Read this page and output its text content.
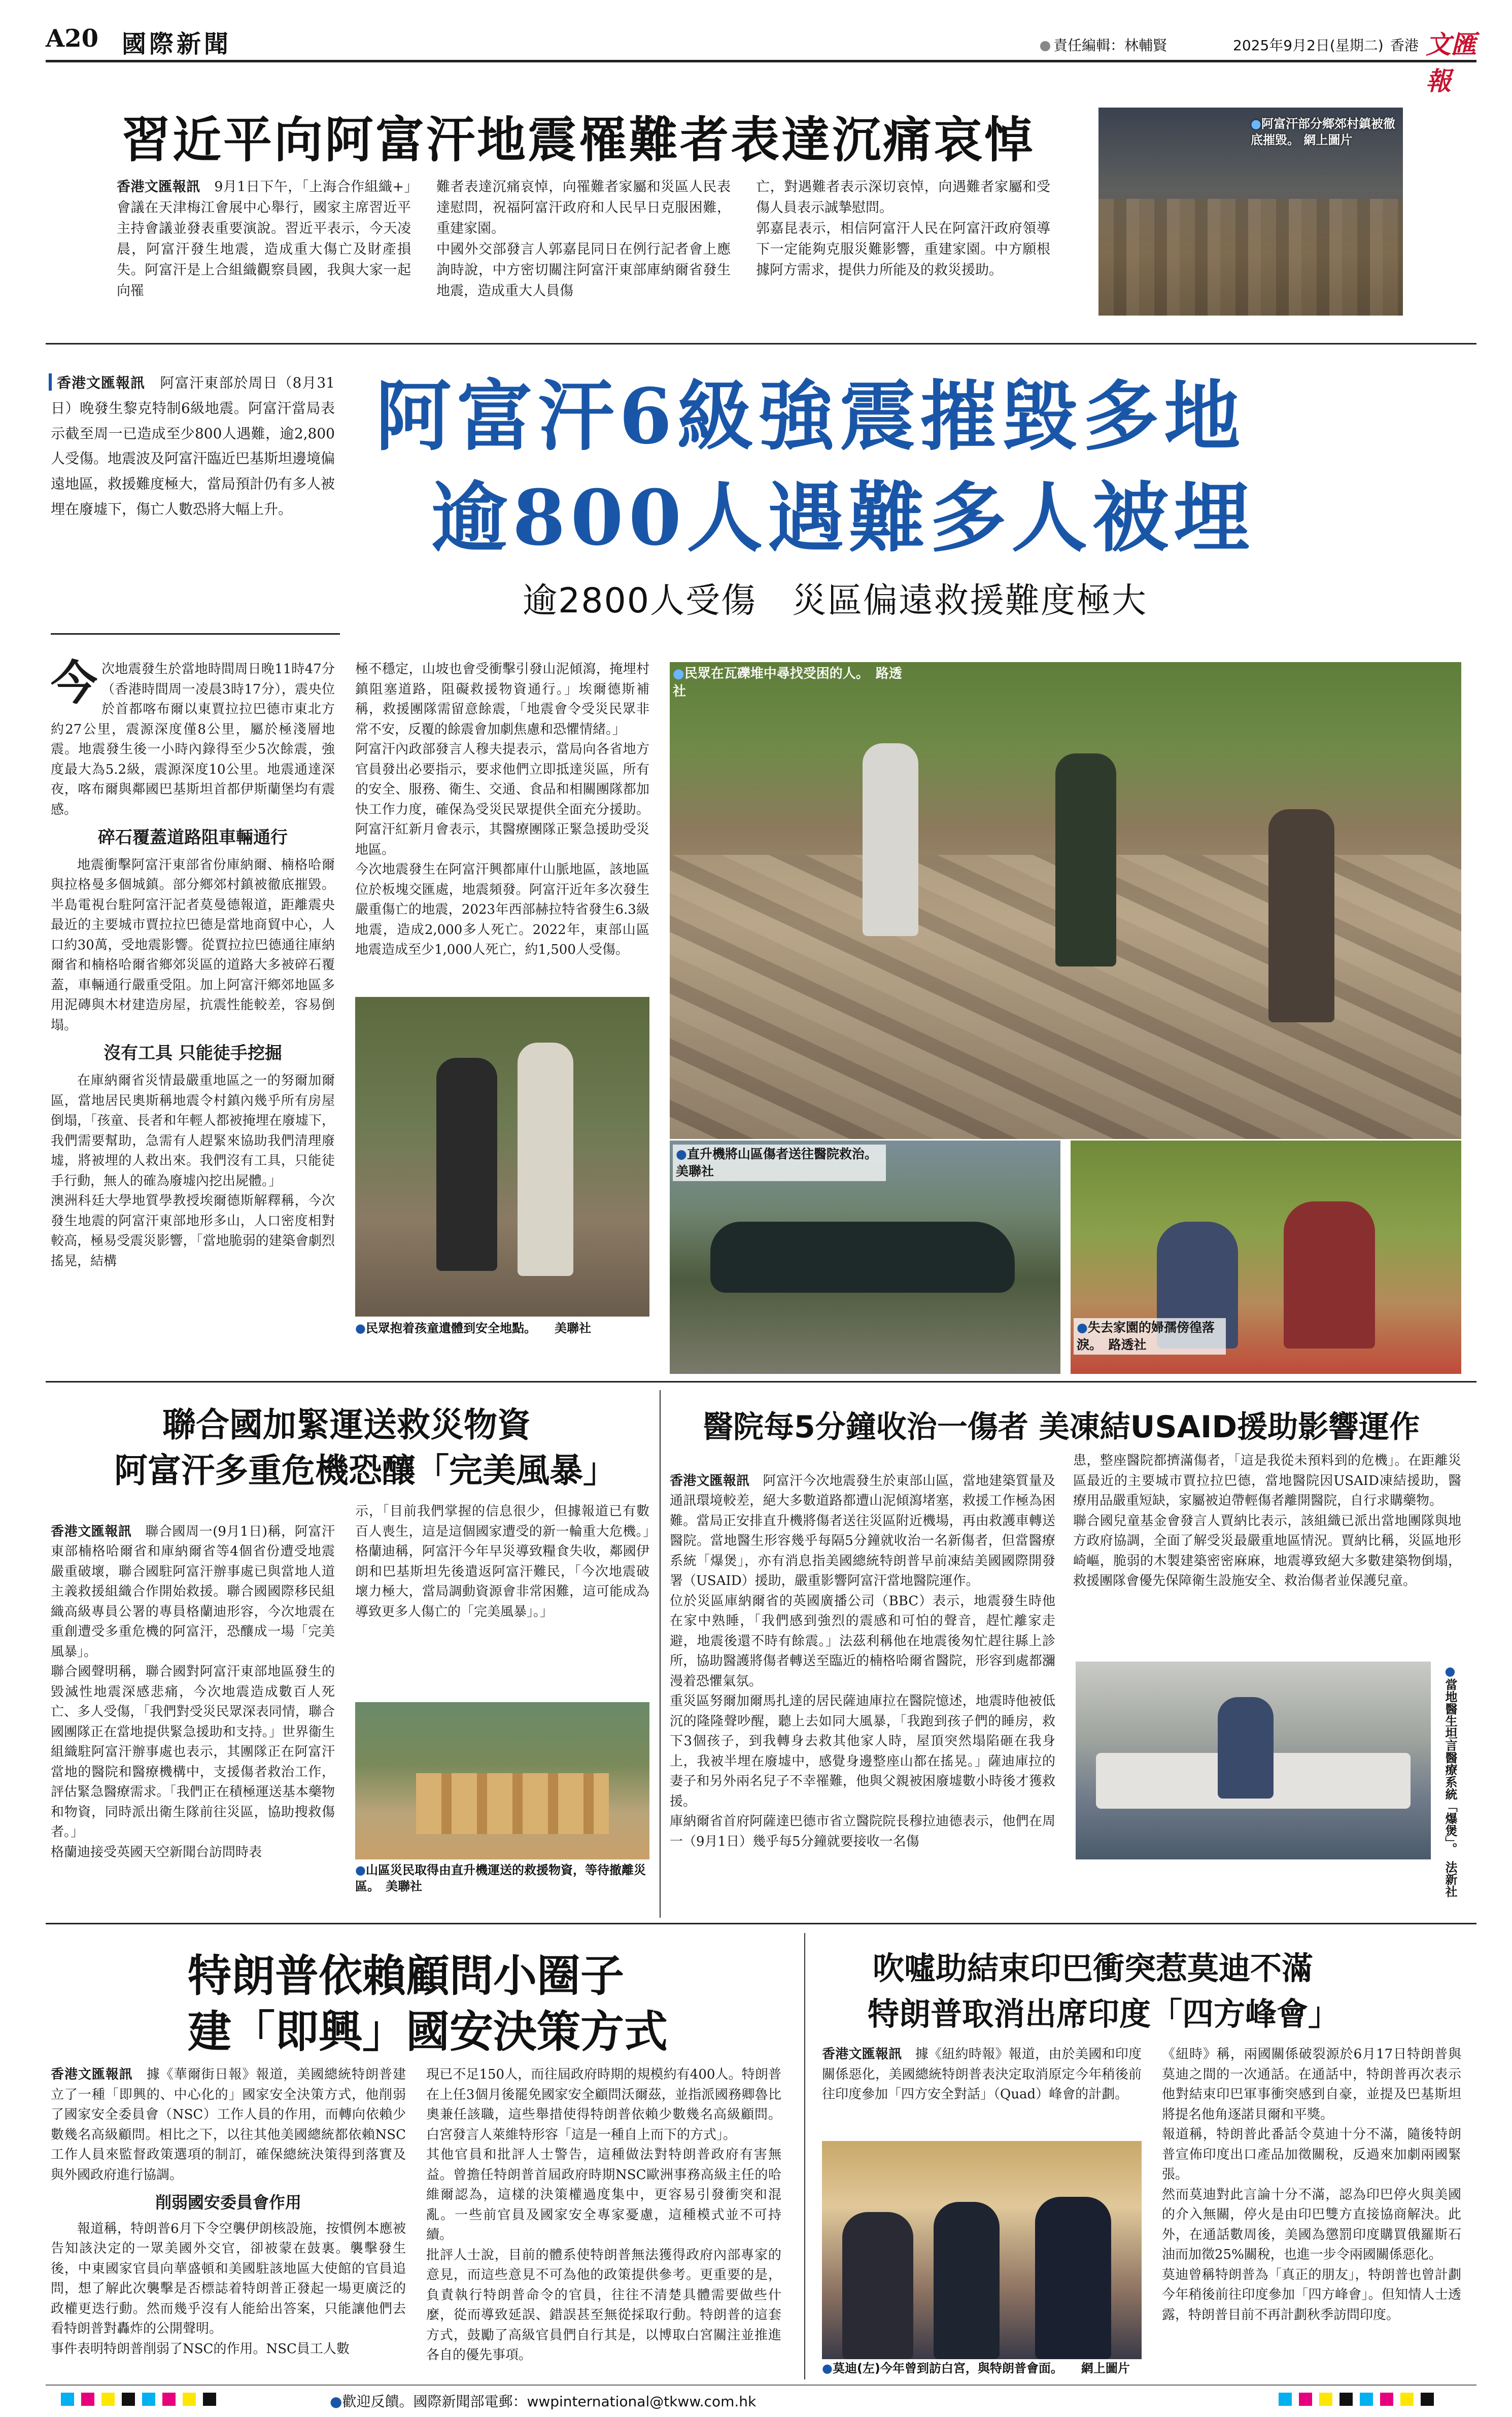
A20 國際新聞	責任編輯：林輔賢	2025年9月2日(星期二) 香港 文匯報
習近平向阿富汗地震罹難者表達沉痛哀悼
香港文匯報訊　 9月1日下午，「上海合作組織+」會議在天津梅江會展中心舉行，國家主席習近平主持會議並發表重要演說。習近平表示，今天凌晨，阿富汗發生地震，造成重大傷亡及財產損失。阿富汗是上合組織觀察員國，我與大家一起向罹
難者表達沉痛哀悼，向罹難者家屬和災區人民表達慰問，祝福阿富汗政府和人民早日克服困難，重建家園。
中國外交部發言人郭嘉昆同日在例行記者會上應詢時說，中方密切關注阿富汗東部庫納爾省發生地震，造成重大人員傷
亡，對遇難者表示深切哀悼，向遇難者家屬和受傷人員表示誠摯慰問。
郭嘉昆表示，相信阿富汗人民在阿富汗政府領導下一定能夠克服災難影響，重建家園。中方願根據阿方需求，提供力所能及的救災援助。
●阿富汗部分鄉郊村鎮被徹底摧毀。 網上圖片
香港文匯報訊　 阿富汗東部於周日（8月31日）晚發生黎克特制6級地震。阿富汗當局表示截至周一已造成至少800人遇難，逾2,800人受傷。地震波及阿富汗臨近巴基斯坦邊境偏遠地區，救援難度極大，當局預計仍有多人被埋在廢墟下，傷亡人數恐將大幅上升。
阿富汗6級強震摧毀多地
逾800人遇難多人被埋
逾2800人受傷　災區偏遠救援難度極大

今次地震發生於當地時間周日晚11時47分（香港時間周一凌晨3時17分），震央位於首都喀布爾以東賈拉拉巴德市東北方約27公里，震源深度僅8公里，屬於極淺層地震。地震發生後一小時內錄得至少5次餘震，強度最大為5.2級，震源深度10公里。地震通達深夜，喀布爾與鄰國巴基斯坦首都伊斯蘭堡均有震感。

碎石覆蓋道路阻車輛通行

地震衝擊阿富汗東部省份庫納爾、楠格哈爾與拉格曼多個城鎮。部分鄉郊村鎮被徹底摧毀。半島電視台駐阿富汗記者莫曼德報道，距離震央最近的主要城市賈拉拉巴德是當地商貿中心，人口約30萬，受地震影響。從賈拉拉巴德通往庫納爾省和楠格哈爾省鄉郊災區的道路大多被碎石覆蓋，車輛通行嚴重受阻。加上阿富汗鄉郊地區多用泥磚與木材建造房屋，抗震性能較差，容易倒塌。

沒有工具 只能徒手挖掘

在庫納爾省災情最嚴重地區之一的努爾加爾區，當地居民奧斯稱地震令村鎮內幾乎所有房屋倒塌，「孩童、長者和年輕人都被掩埋在廢墟下，我們需要幫助，急需有人趕緊來協助我們清理廢墟，將被埋的人救出來。我們沒有工具，只能徒手行動，無人的確為廢墟內挖出屍體。」
澳洲科廷大學地質學教授埃爾德斯解釋稱，今次發生地震的阿富汗東部地形多山，人口密度相對較高，極易受震災影響，「當地脆弱的建築會劇烈搖晃，結構

極不穩定，山坡也會受衝擊引發山泥傾瀉，掩埋村鎮阻塞道路，阻礙救援物資通行。」埃爾德斯補稱，救援團隊需留意餘震，「地震會令受災民眾非常不安，反覆的餘震會加劇焦慮和恐懼情緒。」
阿富汗內政部發言人穆夫提表示，當局向各省地方官員發出必要指示，要求他們立即抵達災區，所有的安全、服務、衛生、交通、食品和相關團隊都加快工作力度，確保為受災民眾提供全面充分援助。阿富汗紅新月會表示，其醫療團隊正緊急援助受災地區。
今次地震發生在阿富汗興都庫什山脈地區，該地區位於板塊交匯處，地震頻發。阿富汗近年多次發生嚴重傷亡的地震，2023年西部赫拉特省發生6.3級地震，造成2,000多人死亡。2022年，東部山區地震造成至少1,000人死亡，約1,500人受傷。
●民眾在瓦礫堆中尋找受困的人。　 路透社
●民眾抱着孩童遺體到安全地點。　　 美聯社
●直升機將山區傷者送往醫院救治。　美聯社
●失去家園的婦孺傍徨落淚。　 路透社
聯合國加緊運送救災物資
阿富汗多重危機恐釀「完美風暴」

香港文匯報訊　 聯合國周一(9月1日)稱，阿富汗東部楠格哈爾省和庫納爾省等4個省份遭受地震嚴重破壞，聯合國駐阿富汗辦事處已與當地人道主義救援組織合作開始救援。聯合國國際移民組織高級專員公署的專員格蘭迪形容，今次地震在重創遭受多重危機的阿富汗，恐釀成一場「完美風暴」。
聯合國聲明稱，聯合國對阿富汗東部地區發生的毀滅性地震深感悲痛，今次地震造成數百人死亡、多人受傷，「我們對受災民眾深表同情，聯合國團隊正在當地提供緊急援助和支持。」世界衞生組織駐阿富汗辦事處也表示，其團隊正在阿富汗當地的醫院和醫療機構中，支援傷者救治工作，評估緊急醫療需求。「我們正在積極運送基本藥物和物資，同時派出衛生隊前往災區，協助搜救傷者。」
格蘭迪接受英國天空新聞台訪問時表

示，「目前我們掌握的信息很少，但據報道已有數百人喪生，這是這個國家遭受的新一輪重大危機。」格蘭迪稱，阿富汗今年早災導致糧食失收，鄰國伊朗和巴基斯坦先後遣返阿富汗難民，「今次地震破壞力極大，當局調動資源會非常困難，這可能成為導致更多人傷亡的「完美風暴」。」
●山區災民取得由直升機運送的救援物資，等待撤離災區。　 美聯社
醫院每5分鐘收治一傷者 美凍結USAID援助影響運作

香港文匯報訊　 阿富汗今次地震發生於東部山區，當地建築質量及通訊環境較差，絕大多數道路都遭山泥傾瀉堵塞，救援工作極為困難。當局正安排直升機將傷者送往災區附近機場，再由救護車轉送醫院。當地醫生形容幾乎每隔5分鐘就收治一名新傷者，但當醫療系統「爆煲」，亦有消息指美國總統特朗普早前凍結美國國際開發署（USAID）援助，嚴重影響阿富汗當地醫院運作。
位於災區庫納爾省的英國廣播公司（BBC）表示，地震發生時他在家中熟睡，「我們感到強烈的震感和可怕的聲音，趕忙離家走避，地震後還不時有餘震。」法茲利稱他在地震後匆忙趕往縣上診所，協助醫護將傷者轉送至臨近的楠格哈爾省醫院，形容到處都瀰漫着恐懼氣氛。
重災區努爾加爾馬扎達的居民薩迪庫拉在醫院憶述，地震時他被低沉的隆隆聲吵醒，聽上去如同大風暴，「我跑到孩子們的睡房，救下3個孩子，到我轉身去救其他家人時，屋頂突然塌陷砸在我身上，我被半埋在廢墟中，感覺身邊整座山都在搖晃。」薩迪庫拉的妻子和另外兩名兒子不幸罹難，他與父親被困廢墟數小時後才獲救援。
庫納爾省首府阿薩達巴德市省立醫院院長穆拉迪德表示，他們在周一（9月1日）幾乎每5分鐘就要接收一名傷

患，整座醫院都擠滿傷者，「這是我從未預料到的危機」。在距離災區最近的主要城市賈拉拉巴德，當地醫院因USAID凍結援助，醫療用品嚴重短缺，家屬被迫帶輕傷者離開醫院，自行求購藥物。
聯合國兒童基金會發言人賈納比表示，該組織已派出當地團隊與地方政府協調，全面了解受災最嚴重地區情況。賈納比稱，災區地形崎嶇，脆弱的木製建築密密麻麻，地震導致絕大多數建築物倒塌，救援團隊會優先保障衛生設施安全、救治傷者並保護兒童。
●當地醫生坦言醫療系統「爆煲」。　法新社
特朗普依賴顧問小圈子
建「即興」國安決策方式

香港文匯報訊　 據《華爾街日報》報道，美國總統特朗普建立了一種「即興的、中心化的」國家安全決策方式，他削弱了國家安全委員會（NSC）工作人員的作用，而轉向依賴少數幾名高級顧問。相比之下，以往其他美國總統都依賴NSC工作人員來監督政策選項的制訂，確保總統決策得到落實及與外國政府進行協調。

削弱國安委員會作用

報道稱，特朗普6月下令空襲伊朗核設施，按慣例本應被告知該決定的一眾美國外交官，卻被蒙在鼓裏。襲擊發生後，中東國家官員向華盛頓和美國駐該地區大使館的官員追問，想了解此次襲擊是否標誌着特朗普正發起一場更廣泛的政權更迭行動。然而幾乎沒有人能給出答案，只能讓他們去看特朗普對轟炸的公開聲明。
事件表明特朗普削弱了NSC的作用。NSC員工人數

現已不足150人，而往屆政府時期的規模約有400人。特朗普在上任3個月後罷免國家安全顧問沃爾茲，並指派國務卿魯比奧兼任該職，這些舉措使得特朗普依賴少數幾名高級顧問。白宮發言人萊維特形容「這是一種自上而下的方式」。
其他官員和批評人士警告，這種做法對特朗普政府有害無益。曾擔任特朗普首屆政府時期NSC歐洲事務高級主任的哈維爾認為，這樣的決策權過度集中，更容易引發衝突和混亂。一些前官員及國家安全專家憂慮，這種模式並不可持續。
批評人士說，目前的體系使特朗普無法獲得政府內部專家的意見，而這些意見不可為他的政策提供參考。更重要的是，負責執行特朗普命令的官員，往往不清楚具體需要做些什麼，從而導致延誤、錯誤甚至無從採取行動。特朗普的這套方式，鼓勵了高級官員們自行其是，以博取白宮關注並推進各自的優先事項。
吹噓助結束印巴衝突惹莫迪不滿
特朗普取消出席印度「四方峰會」
香港文匯報訊　 據《紐約時報》報道，由於美國和印度關係惡化，美國總統特朗普表決定取消原定今年稍後前往印度參加「四方安全對話」（Quad）峰會的計劃。
《紐時》稱，兩國關係破裂源於6月17日特朗普與莫迪之間的一次通話。在通話中，特朗普再次表示他對結束印巴軍事衝突感到自豪，並提及巴基斯坦將提名他角逐諾貝爾和平獎。
報道稱，特朗普此番話令莫迪十分不滿，隨後特朗普宣佈印度出口產品加徵關稅，反過來加劇兩國緊張。
然而莫迪對此言論十分不滿，認為印巴停火與美國的介入無關，停火是由印巴雙方直接協商解決。此外，在通話數周後，美國為懲罰印度購買俄羅斯石油而加徵25%關稅，也進一步令兩國關係惡化。
莫迪曾稱特朗普為「真正的朋友」，特朗普也曾計劃今年稍後前往印度參加「四方峰會」。但知情人士透露，特朗普目前不再計劃秋季訪問印度。
●莫迪(左)今年曾到訪白宮，與特朗普會面。　　 網上圖片
●歡迎反饋。國際新聞部電郵：wwpinternational@tkww.com.hk
